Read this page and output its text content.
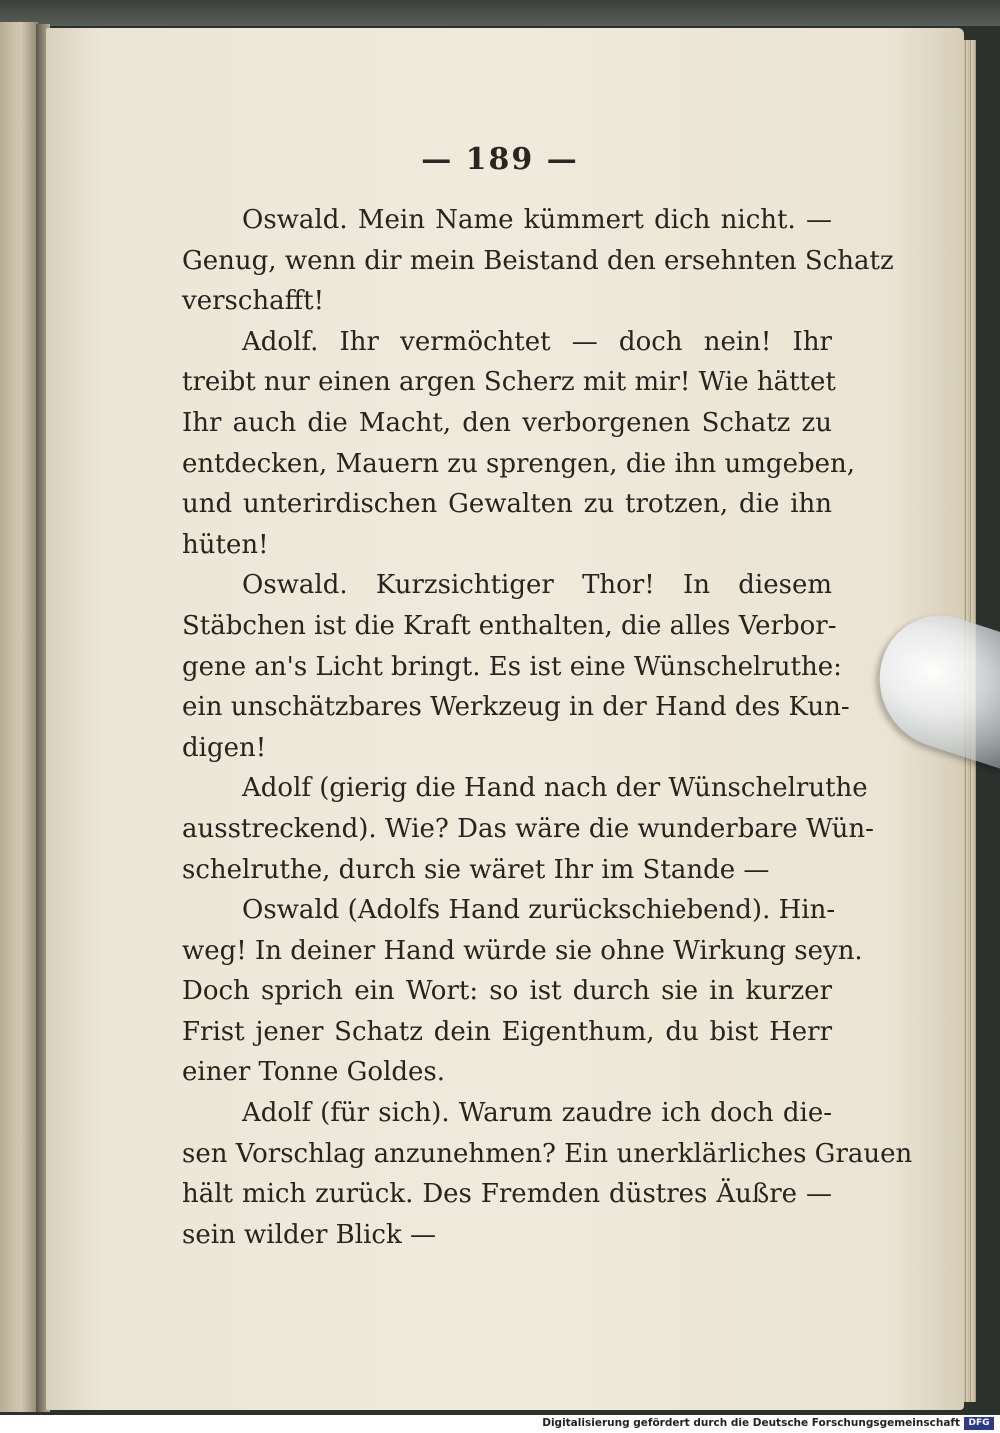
— 189 —
Oswald. Mein Name kümmert dich nicht. —
Genug, wenn dir mein Beistand den ersehnten Schatz
verschafft!
Adolf. Ihr vermöchtet — doch nein! Ihr
treibt nur einen argen Scherz mit mir! Wie hättet
Ihr auch die Macht, den verborgenen Schatz zu
entdecken, Mauern zu sprengen, die ihn umgeben,
und unterirdischen Gewalten zu trotzen, die ihn
hüten!
Oswald. Kurzsichtiger Thor! In diesem
Stäbchen ist die Kraft enthalten, die alles Verbor-
gene an's Licht bringt. Es ist eine Wünschelruthe:
ein unschätzbares Werkzeug in der Hand des Kun-
digen!
Adolf (gierig die Hand nach der Wünschelruthe
ausstreckend). Wie? Das wäre die wunderbare Wün-
schelruthe, durch sie wäret Ihr im Stande —
Oswald (Adolfs Hand zurückschiebend). Hin-
weg! In deiner Hand würde sie ohne Wirkung seyn.
Doch sprich ein Wort: so ist durch sie in kurzer
Frist jener Schatz dein Eigenthum, du bist Herr
einer Tonne Goldes.
Adolf (für sich). Warum zaudre ich doch die-
sen Vorschlag anzunehmen? Ein unerklärliches Grauen
hält mich zurück. Des Fremden düstres Äußre —
sein wilder Blick —
Digitalisierung gefördert durch die Deutsche Forschungsgemeinschaft DFG
